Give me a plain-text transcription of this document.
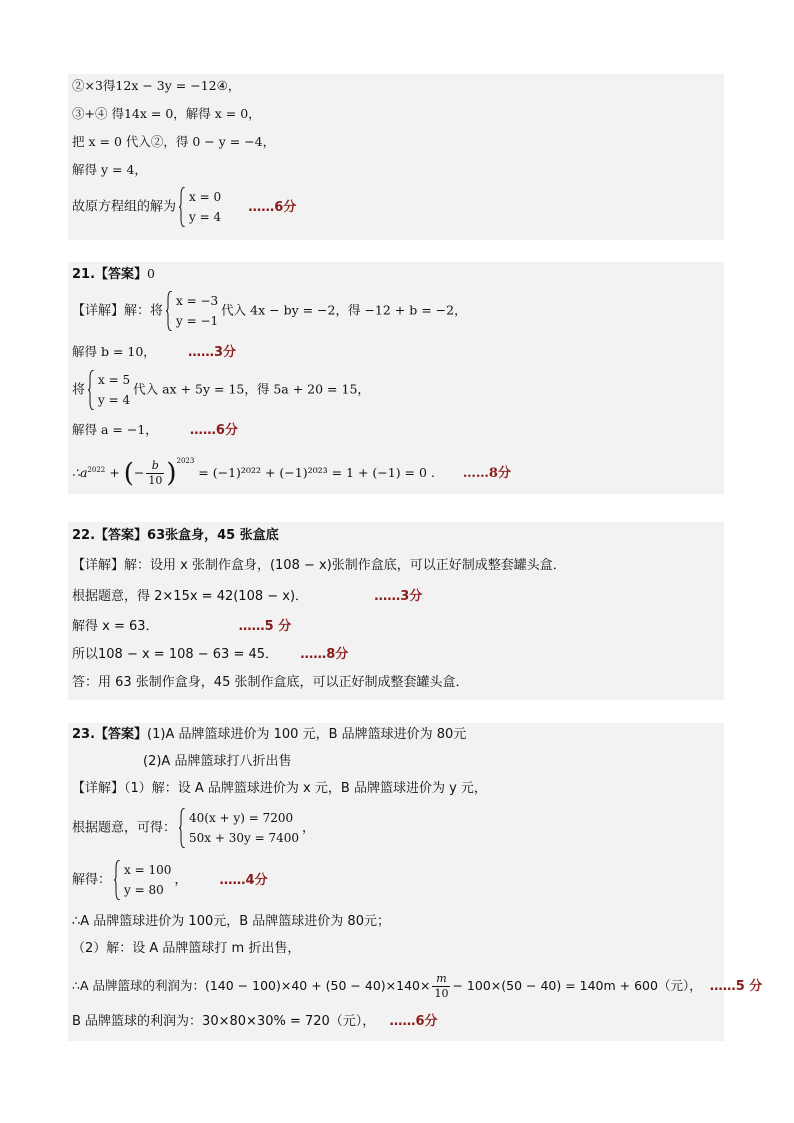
②×3得12x − 3y = −12④，
③+④ 得14x = 0，解得 x = 0，
把 x = 0 代入②，得 0 − y = −4，
解得 y = 4，
故原方程组的解为
x = 0
y = 4
……6分
21.【答案】0
【详解】解：将
x = −3
y = −1
代入 4x − by = −2，得 −12 + b = −2，
解得 b = 10， ……3分
将
x = 5
y = 4
代入 ax + 5y = 15，得 5a + 20 = 15，
解得 a = −1， ……6分
$\therefore a^{2022}$ + (− $\frac{b}{10} )^{2023} = (-1)^{2022} + (-1)^{2023} = 1 + (-1) = 0$ . ……8分
22.【答案】63张盒身，45 张盒底
【详解】解：设用 x 张制作盒身，(108 − x)张制作盒底，可以正好制成整套罐头盒．
根据题意，得 2×15x = 42(108 − x)．	……3分
解得 x = 63．	……5 分
所以108 − x = 108 − 63 = 45． ……8分
答：用 63 张制作盒身，45 张制作盒底，可以正好制成整套罐头盒．
23.【答案】(1)A 品牌篮球进价为 100 元，B 品牌篮球进价为 80元
(2)A 品牌篮球打八折出售
【详解】（1）解：设 A 品牌篮球进价为 x 元，B 品牌篮球进价为 y 元，
根据题意，可得：
40(x + y) = 7200
50x + 30y = 7400
，
解得：
x = 100
y = 80
， ……4分
∴A 品牌篮球进价为 100元，B 品牌篮球进价为 80元；
（2）解：设 A 品牌篮球打 m 折出售，
∴A 品牌篮球的利润为：$(140 - 100)\times 40 + (50 - 40)\times 140\times \frac{m}{10} - 100\times(50 - 40) = 140m + 600$（元）， ……5 分
B 品牌篮球的利润为：30×80×30% = 720（元）， ……6分
